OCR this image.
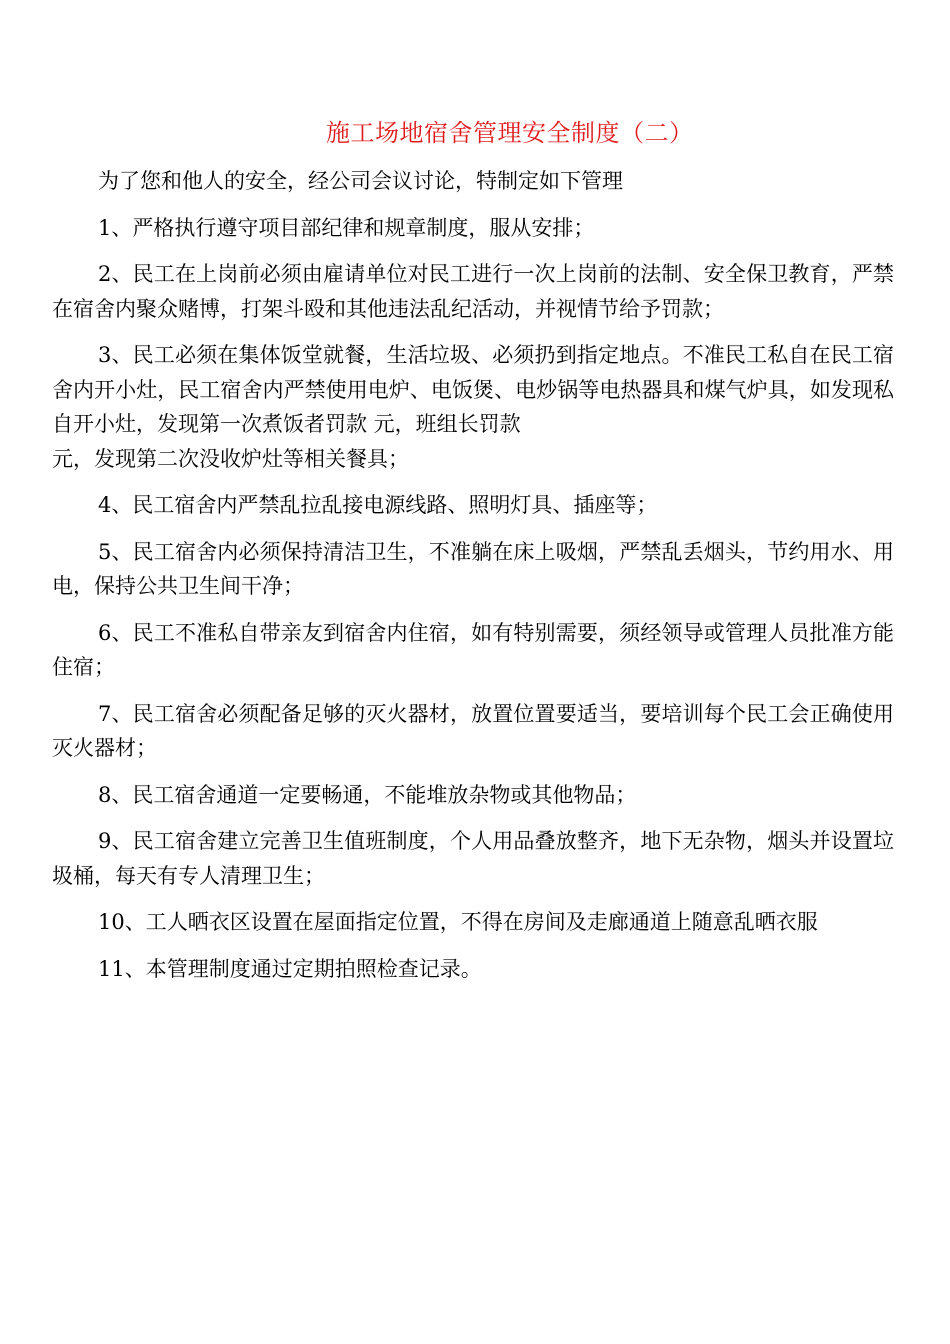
施工场地宿舍管理安全制度（二）

为了您和他人的安全，经公司会议讨论，特制定如下管理

1、严格执行遵守项目部纪律和规章制度，服从安排；

2、民工在上岗前必须由雇请单位对民工进行一次上岗前的法制、安全保卫教育，严禁在宿舍内聚众赌博，打架斗殴和其他违法乱纪活动，并视情节给予罚款；

3、民工必须在集体饭堂就餐，生活垃圾、必须扔到指定地点。不准民工私自在民工宿舍内开小灶，民工宿舍内严禁使用电炉、电饭煲、电炒锅等电热器具和煤气炉具，如发现私自开小灶，发现第一次煮饭者罚款 元，班组长罚款

元，发现第二次没收炉灶等相关餐具；

4、民工宿舍内严禁乱拉乱接电源线路、照明灯具、插座等；

5、民工宿舍内必须保持清洁卫生，不准躺在床上吸烟，严禁乱丢烟头，节约用水、用电，保持公共卫生间干净；

6、民工不准私自带亲友到宿舍内住宿，如有特别需要，须经领导或管理人员批准方能住宿；

7、民工宿舍必须配备足够的灭火器材，放置位置要适当，要培训每个民工会正确使用灭火器材；

8、民工宿舍通道一定要畅通，不能堆放杂物或其他物品；

9、民工宿舍建立完善卫生值班制度，个人用品叠放整齐，地下无杂物，烟头并设置垃圾桶，每天有专人清理卫生；

10、工人晒衣区设置在屋面指定位置，不得在房间及走廊通道上随意乱晒衣服

11、本管理制度通过定期拍照检查记录。
